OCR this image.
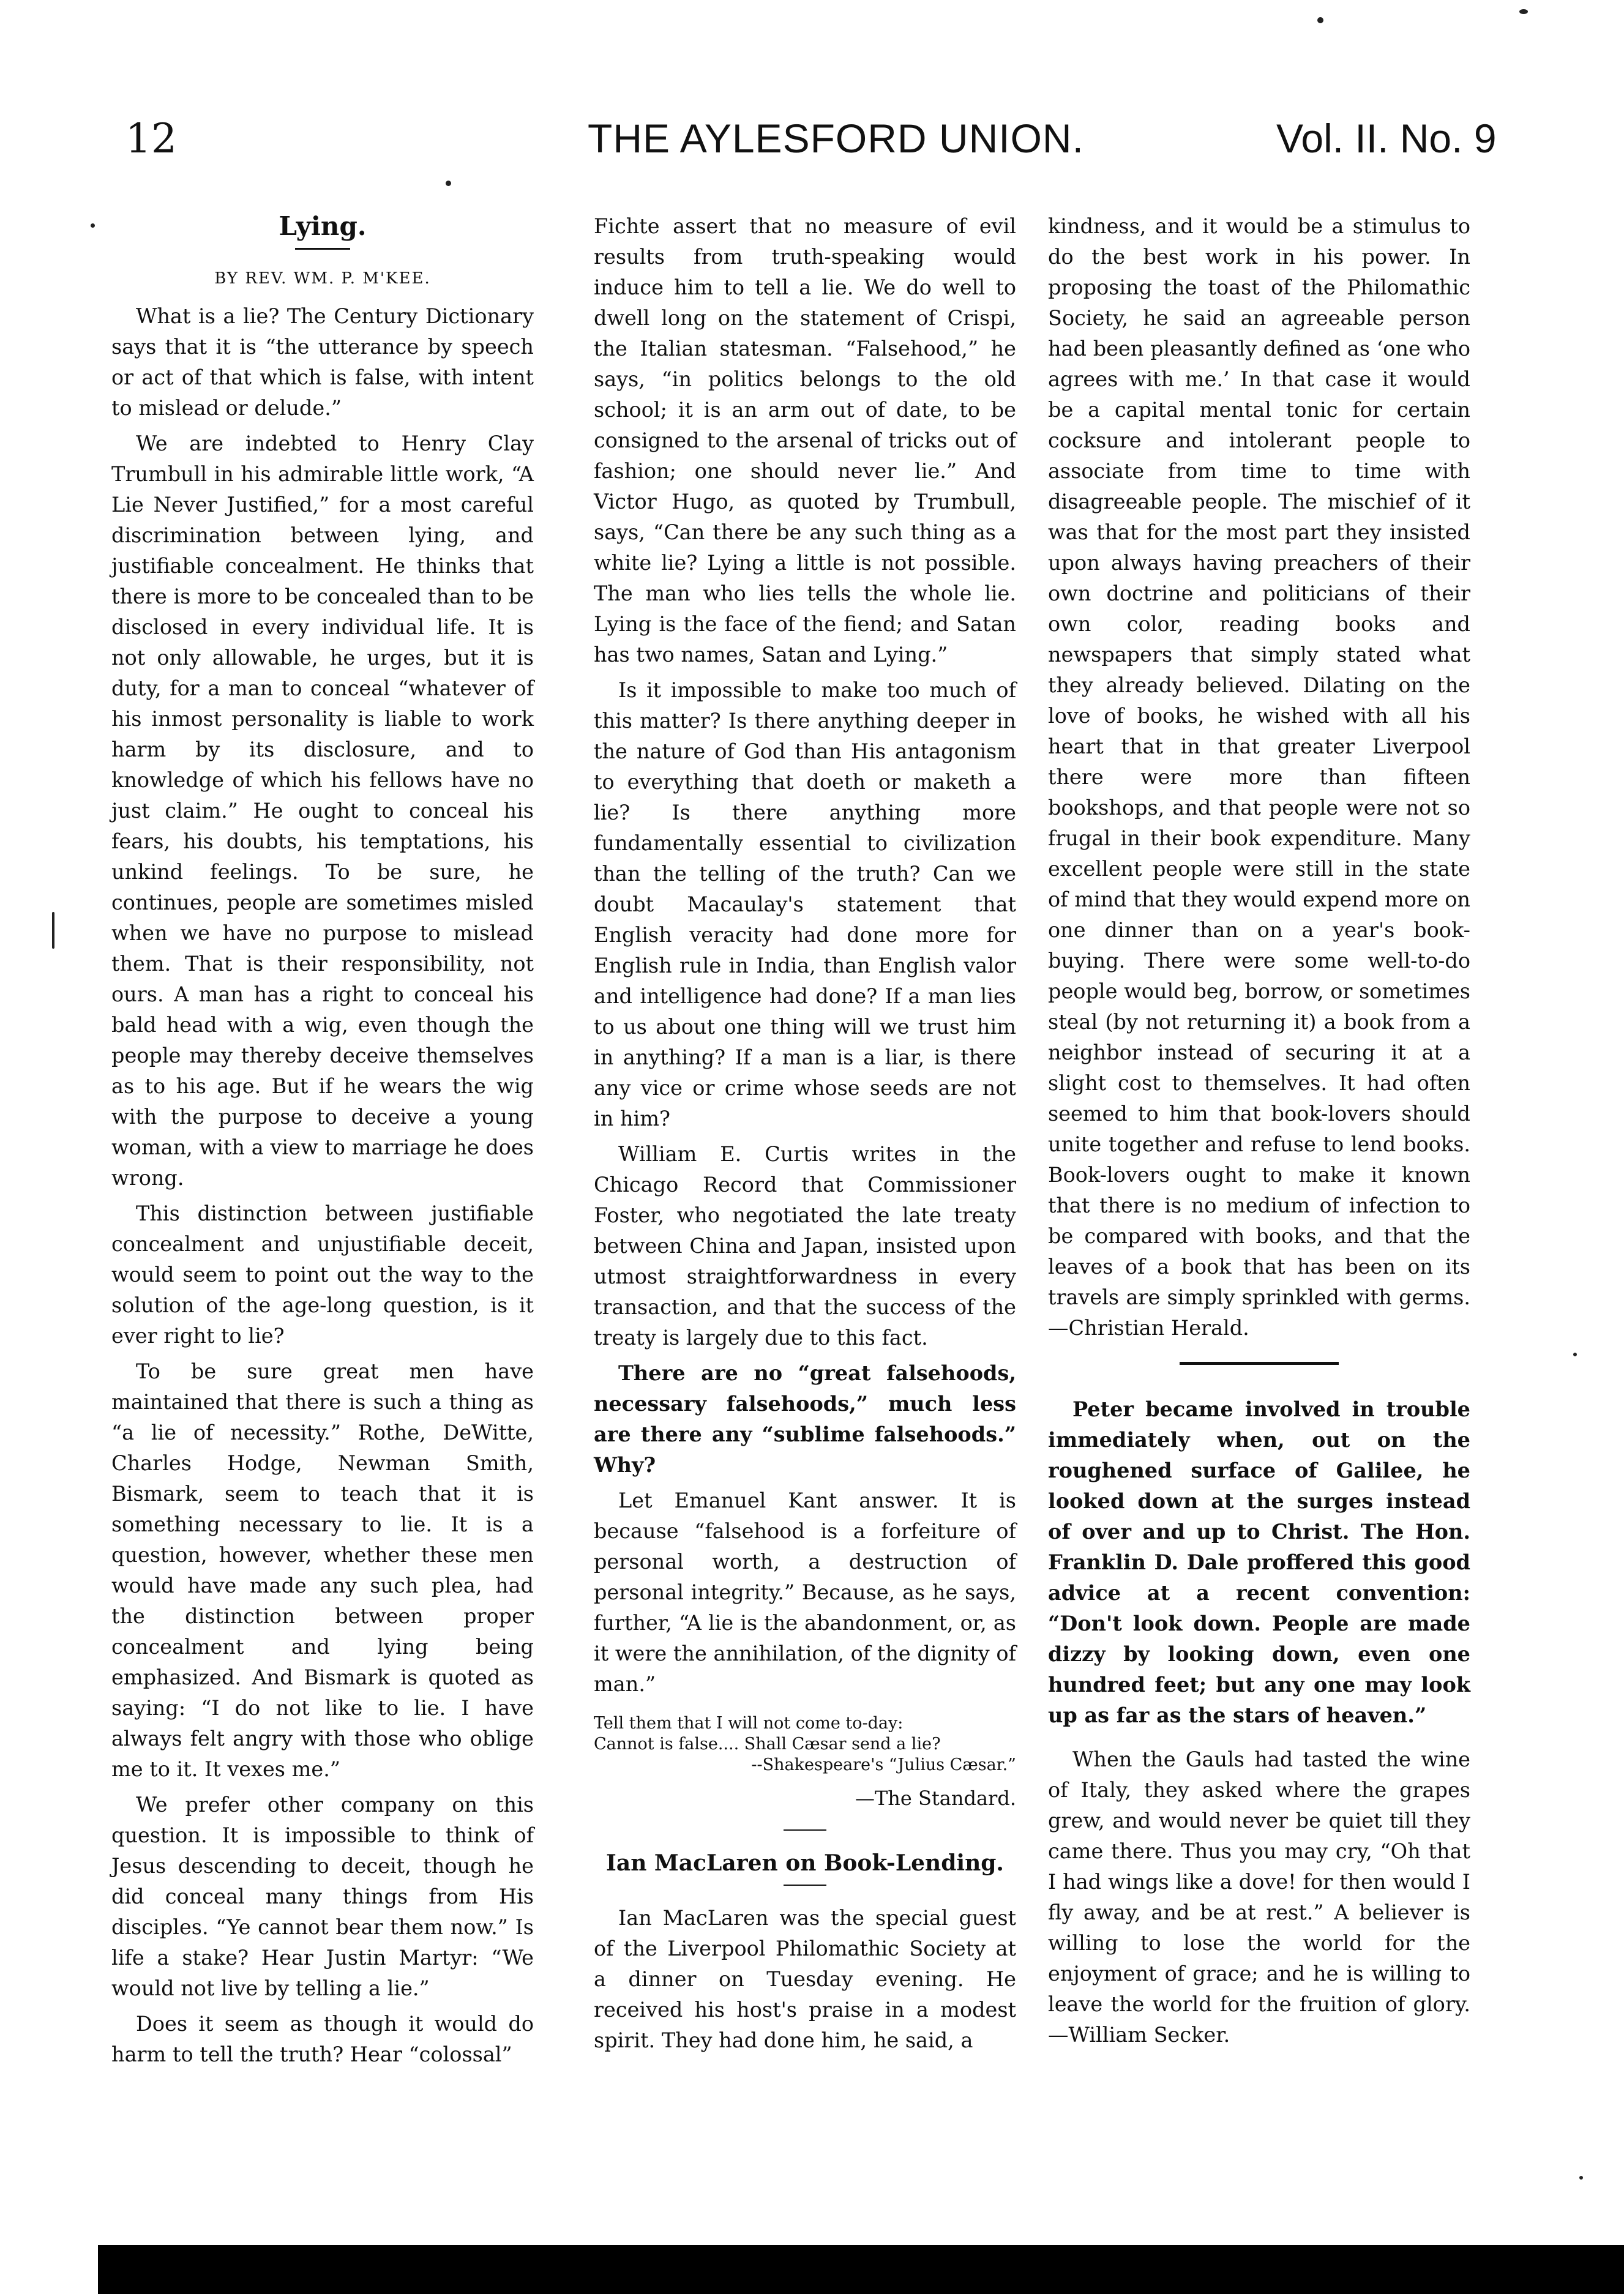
12	THE AYLESFORD UNION.	Vol. II. No. 9
Lying.
BY REV. WM. P. M'KEE.

What is a lie? The Century Dictionary says that it is “the utterance by speech or act of that which is false, with intent to mislead or delude.”

We are indebted to Henry Clay Trumbull in his admirable little work, “A Lie Never Justified,” for a most careful discrimination between lying, and justifiable concealment. He thinks that there is more to be concealed than to be disclosed in every individual life. It is not only allowable, he urges, but it is duty, for a man to conceal “whatever of his inmost personality is liable to work harm by its disclosure, and to knowledge of which his fellows have no just claim.” He ought to conceal his fears, his doubts, his temptations, his unkind feelings. To be sure, he continues, people are sometimes misled when we have no purpose to mislead them. That is their responsibility, not ours. A man has a right to conceal his bald head with a wig, even though the people may thereby deceive themselves as to his age. But if he wears the wig with the purpose to deceive a young woman, with a view to marriage he does wrong.

This distinction between justifiable concealment and unjustifiable deceit, would seem to point out the way to the solution of the age-long question, is it ever right to lie?

To be sure great men have maintained that there is such a thing as “a lie of necessity.” Rothe, DeWitte, Charles Hodge, Newman Smith, Bismark, seem to teach that it is something necessary to lie. It is a question, however, whether these men would have made any such plea, had the distinction between proper concealment and lying being emphasized. And Bismark is quoted as saying: “I do not like to lie. I have always felt angry with those who oblige me to it. It vexes me.”

We prefer other company on this question. It is impossible to think of Jesus descending to deceit, though he did conceal many things from His disciples. “Ye cannot bear them now.” Is life a stake? Hear Justin Martyr: “We would not live by telling a lie.”

Does it seem as though it would do harm to tell the truth? Hear “colossal”

Fichte assert that no measure of evil results from truth-speaking would induce him to tell a lie. We do well to dwell long on the statement of Crispi, the Italian statesman. “Falsehood,” he says, “in politics belongs to the old school; it is an arm out of date, to be consigned to the arsenal of tricks out of fashion; one should never lie.” And Victor Hugo, as quoted by Trumbull, says, “Can there be any such thing as a white lie? Lying a little is not possible. The man who lies tells the whole lie. Lying is the face of the fiend; and Satan has two names, Satan and Lying.”

Is it impossible to make too much of this matter? Is there anything deeper in the nature of God than His antagonism to everything that doeth or maketh a lie? Is there anything more fundamentally essential to civilization than the telling of the truth? Can we doubt Macaulay's statement that English veracity had done more for English rule in India, than English valor and intelligence had done? If a man lies to us about one thing will we trust him in anything? If a man is a liar, is there any vice or crime whose seeds are not in him?

William E. Curtis writes in the Chicago Record that Commissioner Foster, who negotiated the late treaty between China and Japan, insisted upon utmost straightforwardness in every transaction, and that the success of the treaty is largely due to this fact.

There are no “great falsehoods, necessary falsehoods,” much less are there any “sublime falsehoods.” Why?

Let Emanuel Kant answer. It is because “falsehood is a forfeiture of personal worth, a destruction of personal integrity.” Because, as he says, further, “A lie is the abandonment, or, as it were the annihilation, of the dignity of man.”

Tell them that I will not come to-day:
Cannot is false.... Shall Cæsar send a lie?
--Shakespeare's “Julius Cæsar.”
—The Standard.
Ian MacLaren on Book-Lending.

Ian MacLaren was the special guest of the Liverpool Philomathic Society at a dinner on Tuesday evening. He received his host's praise in a modest spirit. They had done him, he said, a

kindness, and it would be a stimulus to do the best work in his power. In proposing the toast of the Philomathic Society, he said an agreeable person had been pleasantly defined as ‘one who agrees with me.’ In that case it would be a capital mental tonic for certain cocksure and intolerant people to associate from time to time with disagreeable people. The mischief of it was that for the most part they insisted upon always having preachers of their own doctrine and politicians of their own color, reading books and newspapers that simply stated what they already believed. Dilating on the love of books, he wished with all his heart that in that greater Liverpool there were more than fifteen bookshops, and that people were not so frugal in their book expenditure. Many excellent people were still in the state of mind that they would expend more on one dinner than on a year's book-buying. There were some well-to-do people would beg, borrow, or sometimes steal (by not returning it) a book from a neighbor instead of securing it at a slight cost to themselves. It had often seemed to him that book-lovers should unite together and refuse to lend books. Book-lovers ought to make it known that there is no medium of infection to be compared with books, and that the leaves of a book that has been on its travels are simply sprinkled with germs.—Christian Herald.

Peter became involved in trouble immediately when, out on the roughened surface of Galilee, he looked down at the surges instead of over and up to Christ. The Hon. Franklin D. Dale proffered this good advice at a recent convention: “Don't look down. People are made dizzy by looking down, even one hundred feet; but any one may look up as far as the stars of heaven.”

When the Gauls had tasted the wine of Italy, they asked where the grapes grew, and would never be quiet till they came there. Thus you may cry, “Oh that I had wings like a dove! for then would I fly away, and be at rest.” A believer is willing to lose the world for the enjoyment of grace; and he is willing to leave the world for the fruition of glory.—William Secker.
